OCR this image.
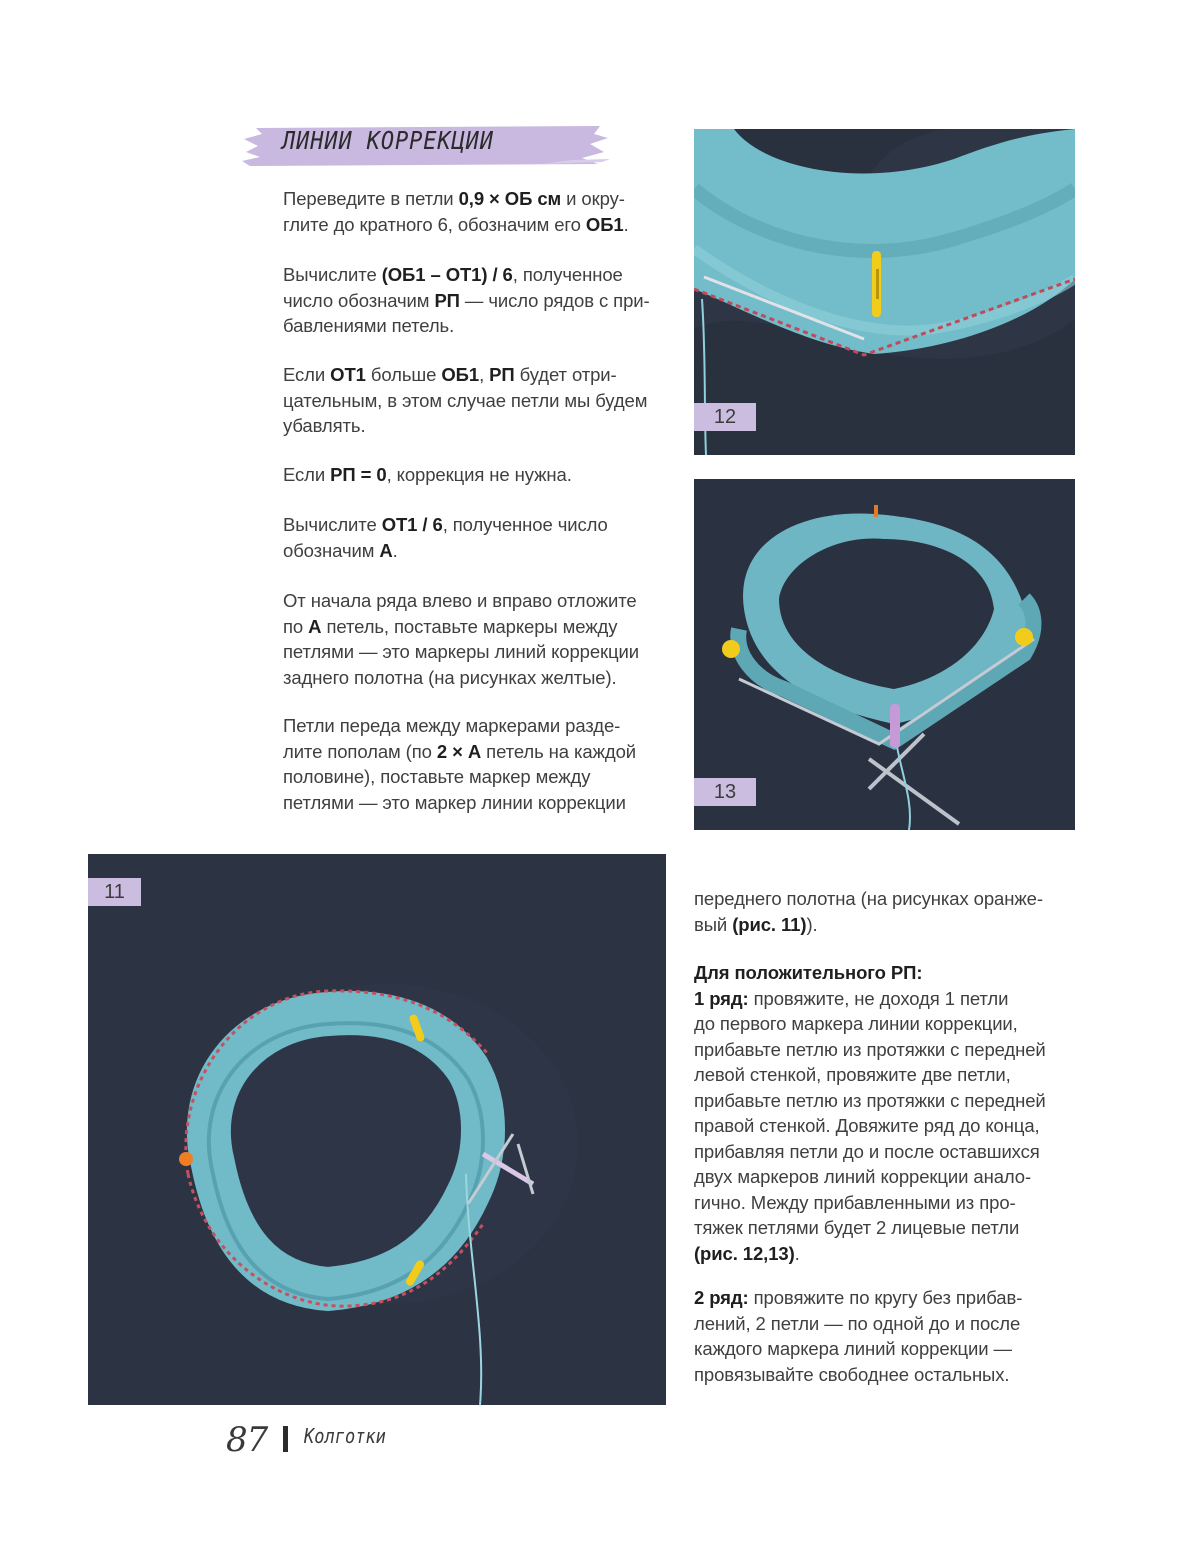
ЛИНИИ КОРРЕКЦИИ

Переведите в петли 0,9 × ОБ см и окру-
глите до кратного 6, обозначим его ОБ1.

Вычислите (ОБ1 – ОТ1) / 6, полученное
число обозначим РП — число рядов с при-
бавлениями петель.

Если ОТ1 больше ОБ1, РП будет отри-
цательным, в этом случае петли мы будем
убавлять.

Если РП = 0, коррекция не нужна.

Вычислите ОТ1 / 6, полученное число
обозначим А.

От начала ряда влево и вправо отложите
по А петель, поставьте маркеры между
петлями — это маркеры линий коррекции
заднего полотна (на рисунках желтые).

Петли переда между маркерами разде-
лите пополам (по 2 × А петель на каждой
половине), поставьте маркер между
петлями — это маркер линии коррекции

12
13
11	переднего полотна (на рисунках оранже-
вый (рис. 11)).

Для положительного РП:
1 ряд: провяжите, не доходя 1 петли
до первого маркера линии коррекции,
прибавьте петлю из протяжки с передней
левой стенкой, провяжите две петли,
прибавьте петлю из протяжки с передней
правой стенкой. Довяжите ряд до конца,
прибавляя петли до и после оставшихся
двух маркеров линий коррекции анало-
гично. Между прибавленными из про-
тяжек петлями будет 2 лицевые петли
(рис. 12,13).

2 ряд: провяжите по кругу без прибав-
лений, 2 петли — по одной до и после
каждого маркера линий коррекции —
провязывайте свободнее остальных.

87 Колготки
